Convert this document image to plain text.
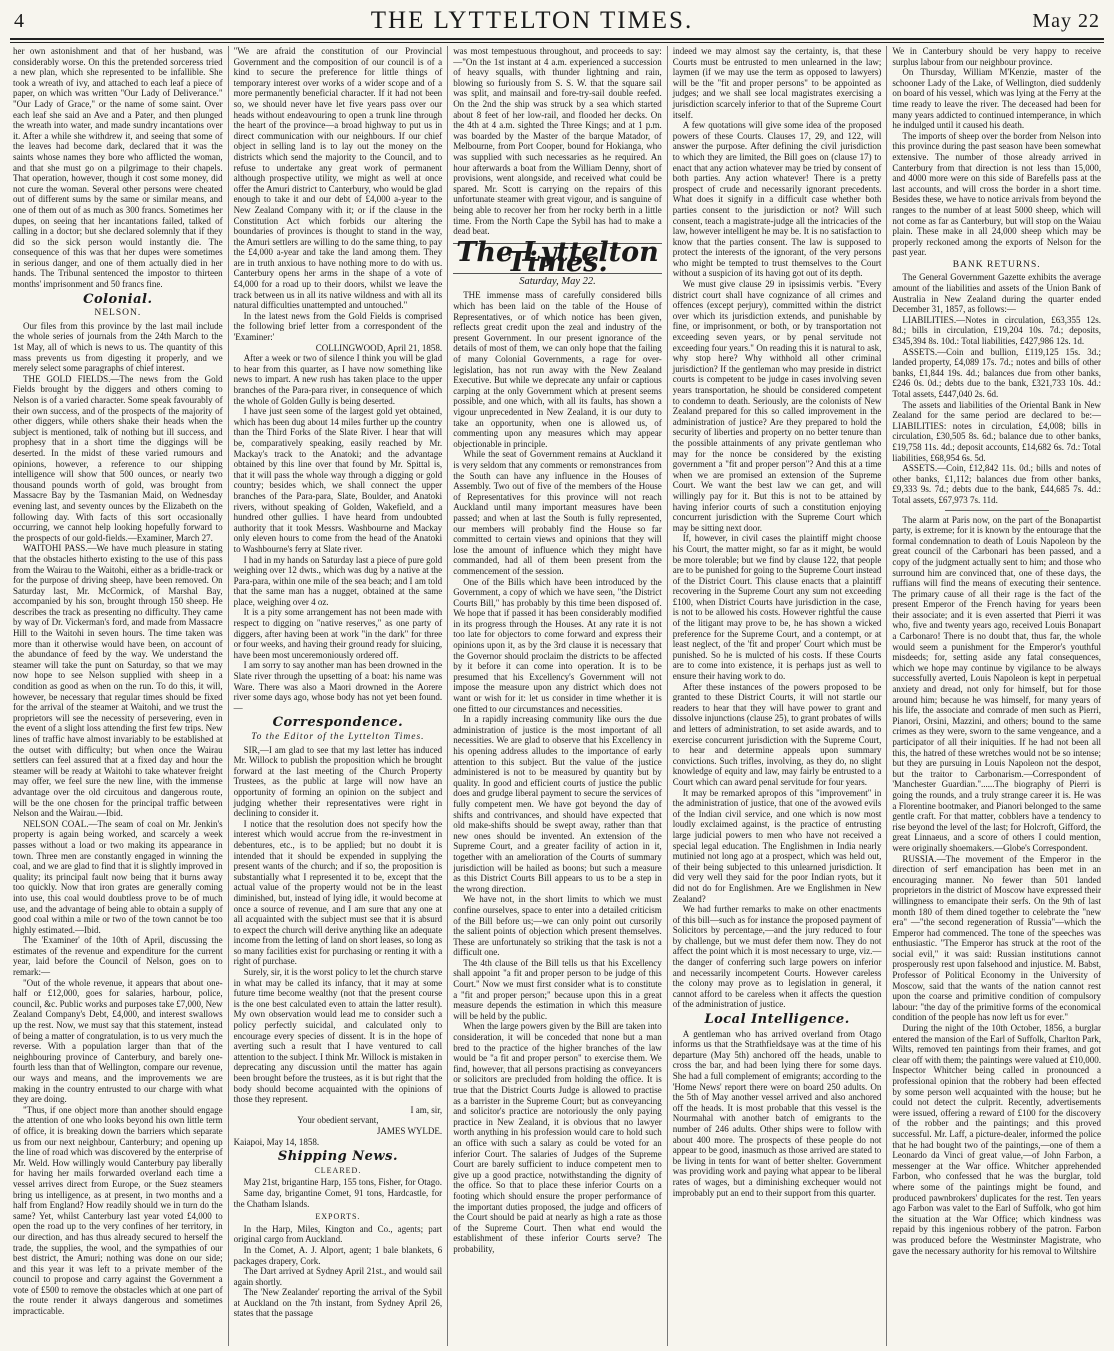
4	THE LYTTELTON TIMES.	May 22

her own astonishment and that of her husband, was considerably worse. On this the pretended sorceress tried a new plan, which she represented to be infallible. She took a wreath of ivy, and attached to each leaf a piece of paper, on which was written "Our Lady of Deliverance." "Our Lady of Grace," or the name of some saint. Over each leaf she said an Ave and a Pater, and then plunged the wreath into water, and made sundry incantations over it. After a while she withdrew it, and seeing that some of the leaves had become dark, declared that it was the saints whose names they bore who afflicted the woman, and that she must go on a pilgrimage to their chapels. That operation, however, though it cost some money, did not cure the woman. Several other persons were cheated out of different sums by the same or similar means, and one of them out of as much as 300 francs. Sometimes her dupes, on seeing that her incantations failed, talked of calling in a doctor; but she declared solemnly that if they did so the sick person would instantly die. The consequence of this was that her dupes were sometimes in serious danger, and one of them actually died in her hands. The Tribunal sentenced the impostor to thirteen months' imprisonment and 50 francs fine.

Colonial.
NELSON.

Our files from this province by the last mail include the whole series of journals from the 24th March to the 1st May, all of which is news to us. The quantity of this mass prevents us from digesting it properly, and we merely select some paragraphs of chief interest.

THE GOLD FIELDS.—The news from the Gold Fields brought by the diggers and others coming to Nelson is of a varied character. Some speak favourably of their own success, and of the prospects of the majority of other diggers, while others shake their heads when the subject is mentioned, talk of nothing but ill success, and prophesy that in a short time the diggings will be deserted. In the midst of these varied rumours and opinions, however, a reference to our shipping intelligence will show that 500 ounces, or nearly two thousand pounds worth of gold, was brought from Massacre Bay by the Tasmanian Maid, on Wednesday evening last, and seventy ounces by the Elizabeth on the following day. With facts of this sort occasionally occurring, we cannot help looking hopefully forward to the prospects of our gold-fields.—Examiner, March 27.

WAITOHI PASS.—We have much pleasure in stating that the obstacles hitherto existing to the use of this pass from the Wairau to the Waitohi, either as a bridle-track or for the purpose of driving sheep, have been removed. On Saturday last, Mr. McCormick, of Marshal Bay, accompanied by his son, brought through 150 sheep. He describes the track as presenting no difficulty. They came by way of Dr. Vickerman's ford, and made from Massacre Hill to the Waitohi in seven hours. The time taken was more than it otherwise would have been, on account of the abundance of feed by the way. We understand the steamer will take the punt on Saturday, so that we may now hope to see Nelson supplied with sheep in a condition as good as when on the run. To do this, it will, however, be necessary that regular times should be fixed for the arrival of the steamer at Waitohi, and we trust the proprietors will see the necessity of persevering, even in the event of a slight loss attending the first few trips. New lines of traffic have almost invariably to be established at the outset with difficulty; but when once the Wairau settlers can feel assured that at a fixed day and hour the steamer will be ready at Waitohi to take whatever freight may offer, we feel sure the new line, with the immense advantage over the old circuitous and dangerous route, will be the one chosen for the principal traffic between Nelson and the Wairau.—Ibid.

NELSON COAL.—The seam of coal on Mr. Jenkin's property is again being worked, and scarcely a week passes without a load or two making its appearance in town. Three men are constantly engaged in winning the coal, and we are glad to find that it is slightly improved in quality; its principal fault now being that it burns away too quickly. Now that iron grates are generally coming into use, this coal would doubtless prove to be of much use, and the advantage of being able to obtain a supply of good coal within a mile or two of the town cannot be too highly estimated.—Ibid.

The 'Examiner' of the 10th of April, discussing the estimates of the revenue and expenditure for the current year, laid before the Council of Nelson, goes on to remark:—

"Out of the whole revenue, it appears that about one-half or £12,000, goes for salaries, harbour, police, council, &c. Public works and purposes take £7,000, New Zealand Company's Debt, £4,000, and interest swallows up the rest. Now, we must say that this statement, instead of being a matter of congratulation, is to us very much the reverse. With a population larger than that of the neighbouring province of Canterbury, and barely one-fourth less than that of Wellington, compare our revenue, our ways and means, and the improvements we are making in the country entrusted to our charge with what they are doing.

"Thus, if one object more than another should engage the attention of one who looks beyond his own little term of office, it is breaking down the barriers which separate us from our next neighbour, Canterbury; and opening up the line of road which was discovered by the enterprise of Mr. Weld. How willingly would Canterbury pay liberally for having her mails forwarded overland each time a vessel arrives direct from Europe, or the Suez steamers bring us intelligence, as at present, in two months and a half from England? How readily should we in turn do the same? Yet, whilst Canterbury last year voted £4,000 to open the road up to the very confines of her territory, in our direction, and has thus already secured to herself the trade, the supplies, the wool, and the sympathies of our best district, the Amuri; nothing was done on our side; and this year it was left to a private member of the council to propose and carry against the Government a vote of £500 to remove the obstacles which at one part of the route render it always dangerous and sometimes impracticable.

"We are afraid the constitution of our Provincial Government and the composition of our council is of a kind to secure the preference for little things of temporary interest over works of a wider scope and of a more permanently beneficial character. If it had not been so, we should never have let five years pass over our heads without endeavouring to open a trunk line through the heart of the province—a broad highway to put us in direct communication with our neighbours. If our chief object in selling land is to lay out the money on the districts which send the majority to the Council, and to refuse to undertake any great work of permanent although prospective utility, we might as well at once offer the Amuri district to Canterbury, who would be glad enough to take it and our debt of £4,000 a-year to the New Zealand Company with it; or if the clause in the Constitution Act which forbids our altering the boundaries of provinces is thought to stand in the way, the Amuri settlers are willing to do the same thing, to pay the £4,000 a-year and take the land among them. They are in truth anxious to have nothing more to do with us. Canterbury opens her arms in the shape of a vote of £4,000 for a road up to their doors, whilst we leave the track between us in all its native wildness and with all its natural difficulties unattempted and untouched."

In the latest news from the Gold Fields is comprised the following brief letter from a correspondent of the 'Examiner:'

COLLINGWOOD, April 21, 1858.

After a week or two of silence I think you will be glad to hear from this quarter, as I have now something like news to impart. A new rush has taken place to the upper branches of the Para-para river, in consequence of which the whole of Golden Gully is being deserted.

I have just seen some of the largest gold yet obtained, which has been dug about 14 miles further up the country than the Third Forks of the Slate River. I hear that will be, comparatively speaking, easily reached by Mr. Mackay's track to the Anatoki; and the advantage obtained by this line over that found by Mr. Spittal is, that it will pass the whole way through a digging or gold country; besides which, we shall connect the upper branches of the Para-para, Slate, Boulder, and Anatoki rivers, without speaking of Golden, Wakefield, and a hundred other gullies. I have heard from undoubted authority that it took Messrs. Washbourne and Mackay only eleven hours to come from the head of the Anatoki to Washbourne's ferry at Slate river.

I had in my hands on Saturday last a piece of pure gold weighing over 12 dwts., which was dug by a native at the Para-para, within one mile of the sea beach; and I am told that the same man has a nugget, obtained at the same place, weighing over 4 oz.

It is a pity some arrangement has not been made with respect to digging on "native reserves," as one party of diggers, after having been at work "in the dark" for three or four weeks, and having their ground ready for sluicing, have been most unceremoniously ordered off.

I am sorry to say another man has been drowned in the Slate river through the upsetting of a boat: his name was Ware. There was also a Maori drowned in the Aorere river some days ago, whose body has not yet been found.—

Correspondence.
To the Editor of the Lyttelton Times.

SIR,—I am glad to see that my last letter has induced Mr. Willock to publish the proposition which he brought forward at the last meeting of the Church Property Trustees, as the public at large will now have an opportunity of forming an opinion on the subject and judging whether their representatives were right in declining to consider it.

I notice that the resolution does not specify how the interest which would accrue from the re-investment in debentures, etc., is to be applied; but no doubt it is intended that it should be expended in supplying the present wants of the church; and if so, the proposition is substantially what I represented it to be, except that the actual value of the property would not be in the least diminished, but, instead of lying idle, it would become at once a source of revenue, and I am sure that any one at all acquainted with the subject must see that it is absurd to expect the church will derive anything like an adequate income from the letting of land on short leases, so long as so many facilities exist for purchasing or renting it with a right of purchase.

Surely, sir, it is the worst policy to let the church starve in what may be called its infancy, that it may at some future time become wealthy (not that the present course is the one best calculated even to attain the latter result). My own observation would lead me to consider such a policy perfectly suicidal, and calculated only to encourage every species of dissent. It is in the hope of averting such a result that I have ventured to call attention to the subject. I think Mr. Willock is mistaken in deprecating any discussion until the matter has again been brought before the trustees, as it is but right that the body should become acquainted with the opinions of those they represent.

I am, sir,

Your obedient servant,

JAMES WYLDE.

Kaiapoi, May 14, 1858.

Shipping News.
CLEARED.

May 21st, brigantine Harp, 155 tons, Fisher, for Otago.

Same day, brigantine Comet, 91 tons, Hardcastle, for the Chatham Islands.

EXPORTS.

In the Harp, Miles, Kington and Co., agents; part original cargo from Auckland.

In the Comet, A. J. Alport, agent; 1 bale blankets, 6 packages drapery, Cork.

The Dart arrived at Sydney April 21st., and would sail again shortly.

The 'New Zealander' reporting the arrival of the Sybil at Auckland on the 7th instant, from Sydney April 26, states that the passage

was most tempestuous throughout, and proceeds to say:—"On the 1st instant at 4 a.m. experienced a succession of heavy squalls, with thunder lightning and rain, blowing so furiously from S. S. W. that the square sail was split, and mainsail and fore-try-sail double reefed. On the 2nd the ship was struck by a sea which started about 8 feet of her low-rail, and flooded her decks. On the 4th at 4 a.m. sighted the Three Kings; and at 1 p.m. was boarded by the Master of the barque Matador, of Melbourne, from Port Cooper, bound for Hokianga, who was supplied with such necessaries as he required. An hour afterwards a boat from the William Denny, short of provisions, went alongside, and received what could be spared. Mr. Scott is carrying on the repairs of this unfortunate steamer with great vigour, and is sanguine of being able to recover her from her rocky berth in a little time. From the North Cape the Sybil has had to make a dead beat.

The Lyttelton Times.
Saturday, May 22.

THE immense mass of carefully considered bills which has been laid on the table of the House of Representatives, or of which notice has been given, reflects great credit upon the zeal and industry of the present Government. In our present ignorance of the details of most of them, we can only hope that the failing of many Colonial Governments, a rage for over-legislation, has not run away with the New Zealand Executive. But while we deprecate any unfair or captious carping at the only Government which at present seems possible, and one which, with all its faults, has shown a vigour unprecedented in New Zealand, it is our duty to take an opportunity, when one is allowed us, of commenting upon any measures which may appear objectionable in principle.

While the seat of Government remains at Auckland it is very seldom that any comments or remonstrances from the South can have any influence in the Houses of Assembly. Two out of five of the members of the House of Representatives for this province will not reach Auckland until many important measures have been passed; and when at last the South is fully represented, our members will probably find the House so far committed to certain views and opinions that they will lose the amount of influence which they might have commanded, had all of them been present from the commencement of the session.

One of the Bills which have been introduced by the Government, a copy of which we have seen, "the District Courts Bill," has probably by this time been disposed of. We hope that if passed it has been considerably modified in its progress through the Houses. At any rate it is not too late for objectors to come forward and express their opinions upon it, as by the 3rd clause it is necessary that the Governor should proclaim the districts to be affected by it before it can come into operation. It is to be presumed that his Excellency's Government will not impose the measure upon any district which does not want or wish for it: let us consider in time whether it is one fitted to our circumstances and necessities.

In a rapidly increasing community like ours the due administration of justice is the most important of all necessities. We are glad to observe that his Excellency in his opening address alludes to the importance of early attention to this subject. But the value of the justice administered is not to be measured by quantity but by quality. In good and efficient courts of justice the public does and grudge liberal payment to secure the services of fully competent men. We have got beyond the day of shifts and contrivances, and should have expected that old make-shifts should be swept away, rather than that new ones should be invented. An extension of the Supreme Court, and a greater facility of action in it, together with an amelioration of the Courts of summary jurisdiction will be hailed as boons; but such a measure as this District Courts Bill appears to us to be a step in the wrong direction.

We have not, in the short limits to which we must confine ourselves, space to enter into a detailed criticism of the Bill before us;—we can only point out cursorily the salient points of objection which present themselves. These are unfortunately so striking that the task is not a difficult one.

The 4th clause of the Bill tells us that his Excellency shall appoint "a fit and proper person to be judge of this Court." Now we must first consider what is to constitute a "fit and proper person;" because upon this in a great measure depends the estimation in which this measure will be held by the public.

When the large powers given by the Bill are taken into consideration, it will be conceded that none but a man bred to the practice of the higher branches of the law would be "a fit and proper person" to exercise them. We find, however, that all persons practising as conveyancers or solicitors are precluded from holding the office. It is true that the District Courts Judge is allowed to practise as a barrister in the Supreme Court; but as conveyancing and solicitor's practice are notoriously the only paying practice in New Zealand, it is obvious that no lawyer worth anything in his profession would care to hold such an office with such a salary as could be voted for an inferior Court. The salaries of Judges of the Supreme Court are barely sufficient to induce competent men to give up a good practice, notwithstanding the dignity of the office. So that to place these inferior Courts on a footing which should ensure the proper performance of the important duties proposed, the judge and officers of the Court should be paid at nearly as high a rate as those of the Supreme Court. Then what end would the establishment of these inferior Courts serve? The probability,

indeed we may almost say the certainty, is, that these Courts must be entrusted to men unlearned in the law; laymen (if we may use the term as opposed to lawyers) will be the "fit and proper persons" to be appointed as judges; and we shall see local magistrates exercising a jurisdiction scarcely inferior to that of the Supreme Court itself.

A few quotations will give some idea of the proposed powers of these Courts. Clauses 17, 29, and 122, will answer the purpose. After defining the civil jurisdiction to which they are limited, the Bill goes on (clause 17) to enact that any action whatever may be tried by consent of both parties. Any action whatever! There is a pretty prospect of crude and necessarily ignorant precedents. What does it signify in a difficult case whether both parties consent to the jurisdiction or not? Will such consent, teach a magistrate-judge all the intricacies of the law, however intelligent he may be. It is no satisfaction to know that the parties consent. The law is supposed to protect the interests of the ignorant, of the very persons who might be tempted to trust themselves to the Court without a suspicion of its having got out of its depth.

We must give clause 29 in ipsissimis verbis. "Every district court shall have cognizance of all crimes and offences (except perjury), committed within the district over which its jurisdiction extends, and punishable by fine, or imprisonment, or both, or by transportation not exceeding seven years, or by penal servitude not exceeding four years." On reading this it is natural to ask, why stop here? Why withhold all other criminal jurisdiction? If the gentleman who may preside in district courts is competent to be judge in cases involving seven years transportation, he should be considered competent to condemn to death. Seriously, are the colonists of New Zealand prepared for this so called improvement in the administration of justice? Are they prepared to hold the security of liberties and property on no better tenure than the possible attainments of any private gentleman who may for the nonce be considered by the existing government a "fit and proper person"? And this at a time when we are promised an extension of the Supreme Court. We want the best law we can get, and will willingly pay for it. But this is not to be attained by having inferior courts of such a constitution enjoying concurrent jurisdiction with the Supreme Court which may be sitting next door.

If, however, in civil cases the plaintiff might choose his Court, the matter might, so far as it might, be would be more tolerable; but we find by clause 122, that people are to be punished for going to the Supreme Court instead of the District Court. This clause enacts that a plaintiff recovering in the Supreme Court any sum not exceeding £100, when District Courts have jurisdiction in the case, is not to be allowed his costs. However rightful the cause of the litigant may prove to be, he has shown a wicked preference for the Supreme Court, and a contempt, or at least neglect, of the 'fit and proper' Court which must be punished. So he is mulcted of his costs. If these Courts are to come into existence, it is perhaps just as well to ensure their having work to do.

After these instances of the powers proposed to be granted to these District Courts, it will not startle our readers to hear that they will have power to grant and dissolve injunctions (clause 25), to grant probates of wills and letters of administration, to set aside awards, and to exercise concurrent jurisdiction with the Supreme Court, to hear and determine appeals upon summary convictions. Such trifles, involving, as they do, no slight knowledge of equity and law, may fairly be entrusted to a Court which can award penal servitude for four years.

It may be remarked apropos of this "improvement" in the administration of justice, that one of the avowed evils of the Indian civil service, and one which is now most loudly exclaimed against, is the practice of entrusting large judicial powers to men who have not received a special legal education. The Englishmen in India nearly mutinied not long ago at a prospect, which was held out, of their being subjected to this unlearned jurisdiction. It did very well they said for the poor Indian ryots, but it did not do for Englishmen. Are we Englishmen in New Zealand?

We had further remarks to make on other enactments of this bill—such as for instance the proposed payment of Solicitors by percentage,—and the jury reduced to four by challenge, but we must defer them now. They do not affect the point which it is most necessary to urge, viz.—the danger of conferring such large powers on inferior and necessarily incompetent Courts. However careless the colony may prove as to legislation in general, it cannot afford to be careless when it affects the question of the administration of justice.

Local Intelligence.

A gentleman who has arrived overland from Otago informs us that the Strathfieldsaye was at the time of his departure (May 5th) anchored off the heads, unable to cross the bar, and had been lying there for some days. She had a full complement of emigrants; according to the 'Home News' report there were on board 250 adults. On the 5th of May another vessel arrived and also anchored off the heads. It is most probable that this vessel is the Nourmahal with another batch of emigrants to the number of 246 adults. Other ships were to follow with about 400 more. The prospects of these people do not appear to be good, inasmuch as those arrived are stated to be living in tents for want of better shelter. Government was providing work and paying what appear to be liberal rates of wages, but a diminishing exchequer would not improbably put an end to their support from this quarter.

We in Canterbury should be very happy to receive surplus labour from our neighbour province.

On Thursday, William M'Kenzie, master of the schooner Lady of the Lake, of Wellington, died suddenly on board of his vessel, which was lying at the Ferry at the time ready to leave the river. The deceased had been for many years addicted to continued intemperance, in which he indulged until it caused his death.

The imports of sheep over the border from Nelson into this province during the past season have been somewhat extensive. The number of those already arrived in Canterbury from that direction is not less than 15,000, and 4000 more were on this side of Barefells pass at the last accounts, and will cross the border in a short time. Besides these, we have to notice arrivals from beyond the ranges to the number of at least 5000 sheep, which will not come as far as Canterbury, but will stop on the Waiau plain. These make in all 24,000 sheep which may be properly reckoned among the exports of Nelson for the past year.

BANK RETURNS.

The General Government Gazette exhibits the average amount of the liabilities and assets of the Union Bank of Australia in New Zealand during the quarter ended December 31, 1857, as follows:—

LIABILITIES.—Notes in circulation, £63,355 12s. 8d.; bills in circulation, £19,204 10s. 7d.; deposits, £345,394 8s. 10d.: Total liabilities, £427,986 12s. 1d.

ASSETS.—Coin and bullion, £119,125 15s. 3d.; landed property, £4,089 17s. 7d.; notes and bills of other banks, £1,844 19s. 4d.; balances due from other banks, £246 0s. 0d.; debts due to the bank, £321,733 10s. 4d.: Total assets, £447,040 2s. 6d.

The assets and liabilities of the Oriental Bank in New Zealand for the same period are declared to be:—LIABILITIES: notes in circulation, £4,008; bills in circulation, £30,505 8s. 6d.; balance due to other banks, £19,758 11s. 4d.; deposit accounts, £14,682 6s. 7d.: Total liabilities, £68,954 6s. 5d.

ASSETS.—Coin, £12,842 11s. 0d.; bills and notes of other banks, £1,112; balances due from other banks, £9,333 9s. 7d.; debts due to the bank, £44,685 7s. 4d.: Total assets, £67,973 7s. 11d.

The alarm at Paris now, on the part of the Bonapartist party, is extreme; for it is known by the entourage that the formal condemnation to death of Louis Napoleon by the great council of the Carbonari has been passed, and a copy of the judgment actually sent to him; and those who surround him are convinced that, one of these days, the ruffians will find the means of executing their sentence. The primary cause of all their rage is the fact of the present Emperor of the French having for years been their associate; and it is even asserted that Pierri it was who, five and twenty years ago, received Louis Bonapart a Carbonaro! There is no doubt that, thus far, the whole would seem a punishment for the Emperor's youthful misdeeds; for, setting aside any fatal consequences, which we hope may continue by vigilance to be always successfully averted, Louis Napoleon is kept in perpetual anxiety and dread, not only for himself, but for those around him; because he was himself, for many years of his life, the associate and comrade of men such as Pierri, Pianori, Orsini, Mazzini, and others; bound to the same crimes as they were, sworn to the same vengeance, and a participator of all their iniquities. If he had not been all this, the hatred of these wretches would not be so intense; but they are pursuing in Louis Napoleon not the despot, but the traitor to Carbonarism.—Correspondent of 'Manchester Guardian."......The biography of Pierri is going the rounds, and a truly strange career it is. He was a Florentine bootmaker, and Pianori belonged to the same gentle craft. For that matter, cobblers have a tendency to rise beyond the level of the last; for Holcroft, Gifford, the great Linnaeus, and a score of others I could mention, were originally shoemakers.—Globe's Correspondent.

RUSSIA.—The movement of the Emperor in the direction of serf emancipation has been met in an encouraging manner. No fewer than 501 landed proprietors in the district of Moscow have expressed their willingness to emancipate their serfs. On the 9th of last month 180 of them dined together to celebrate the "new era" —"the second regeneration of Russia"—which the Emperor had commenced. The tone of the speeches was enthusiastic. "The Emperor has struck at the root of the social evil," it was said: Russian institutions cannot prosperously rest upon falsehood and injustice. M. Babst, Professor of Political Economy in the University of Moscow, said that the wants of the nation cannot rest upon the coarse and primitive condition of compulsory labour: "the day of the primitive forms of the economical condition of the people has now left us for ever."

During the night of the 10th October, 1856, a burglar entered the mansion of the Earl of Suffolk, Charlton Park, Wilts, removed ten paintings from their frames, and got clear off with them; the paintings were valued at £10,000. Inspector Whitcher being called in pronounced a professional opinion that the robbery had been effected by some person well acquainted with the house; but he could not detect the culprit. Recently, advertisements were issued, offering a reward of £100 for the discovery of the robber and the paintings; and this proved successful. Mr. Laff, a picture-dealer, informed the police that he had bought two of the paintings,—one of them a Leonardo da Vinci of great value,—of John Farbon, a messenger at the War office. Whitcher apprehended Farbon, who confessed that he was the burglar, told where some of the paintings might be found, and produced pawnbrokers' duplicates for the rest. Ten years ago Farbon was valet to the Earl of Suffolk, who got him the situation at the War Office; which kindness was repaid by this ingenious robbery of the patron. Farbon was produced before the Westminster Magistrate, who gave the necessary authority for his removal to Wiltshire
